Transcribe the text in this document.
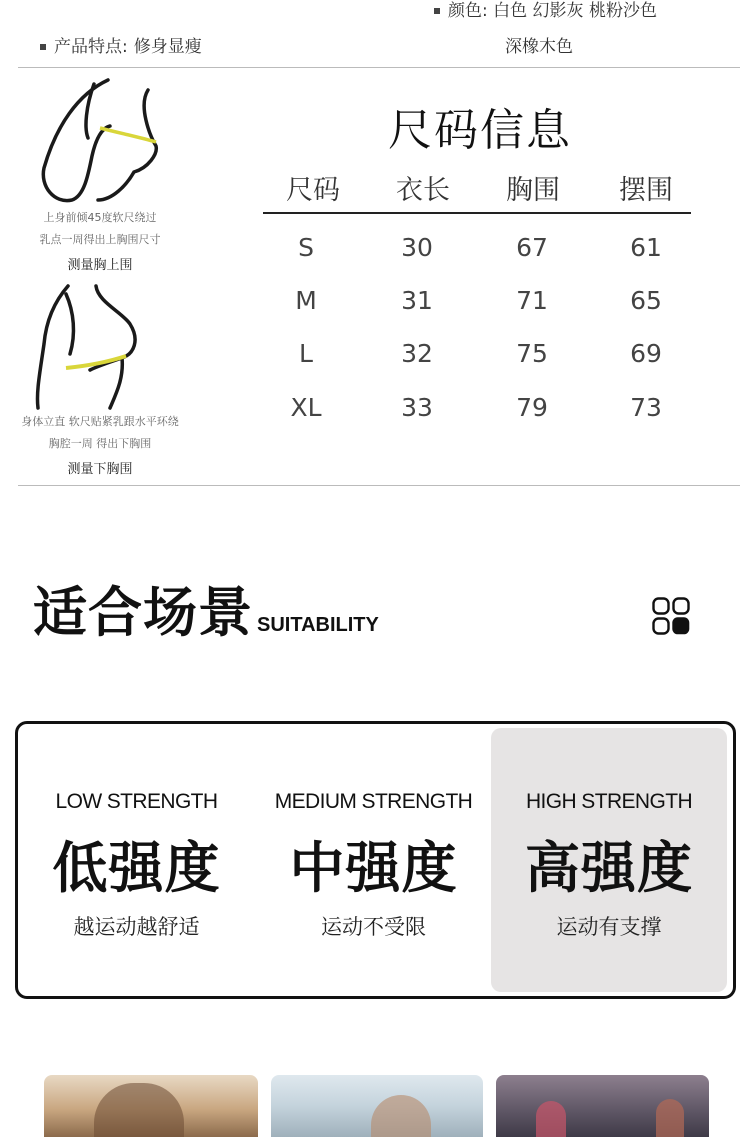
颜色: 白色 幻影灰 桃粉沙色
深橡木色
产品特点: 修身显瘦
上身前倾45度软尺绕过
乳点一周得出上胸围尺寸
测量胸上围
身体立直 软尺贴紧乳跟水平环绕
胸腔一周 得出下胸围
测量下胸围
尺码信息
尺码	衣长	胸围	摆围
S	30	67	61
M	31	71	65
L	32	75	69
XL	33	79	73
适合场景 SUITABILITY
LOW STRENGTH
低强度
越运动越舒适
MEDIUM STRENGTH
中强度
运动不受限
HIGH STRENGTH
高强度
运动有支撑
